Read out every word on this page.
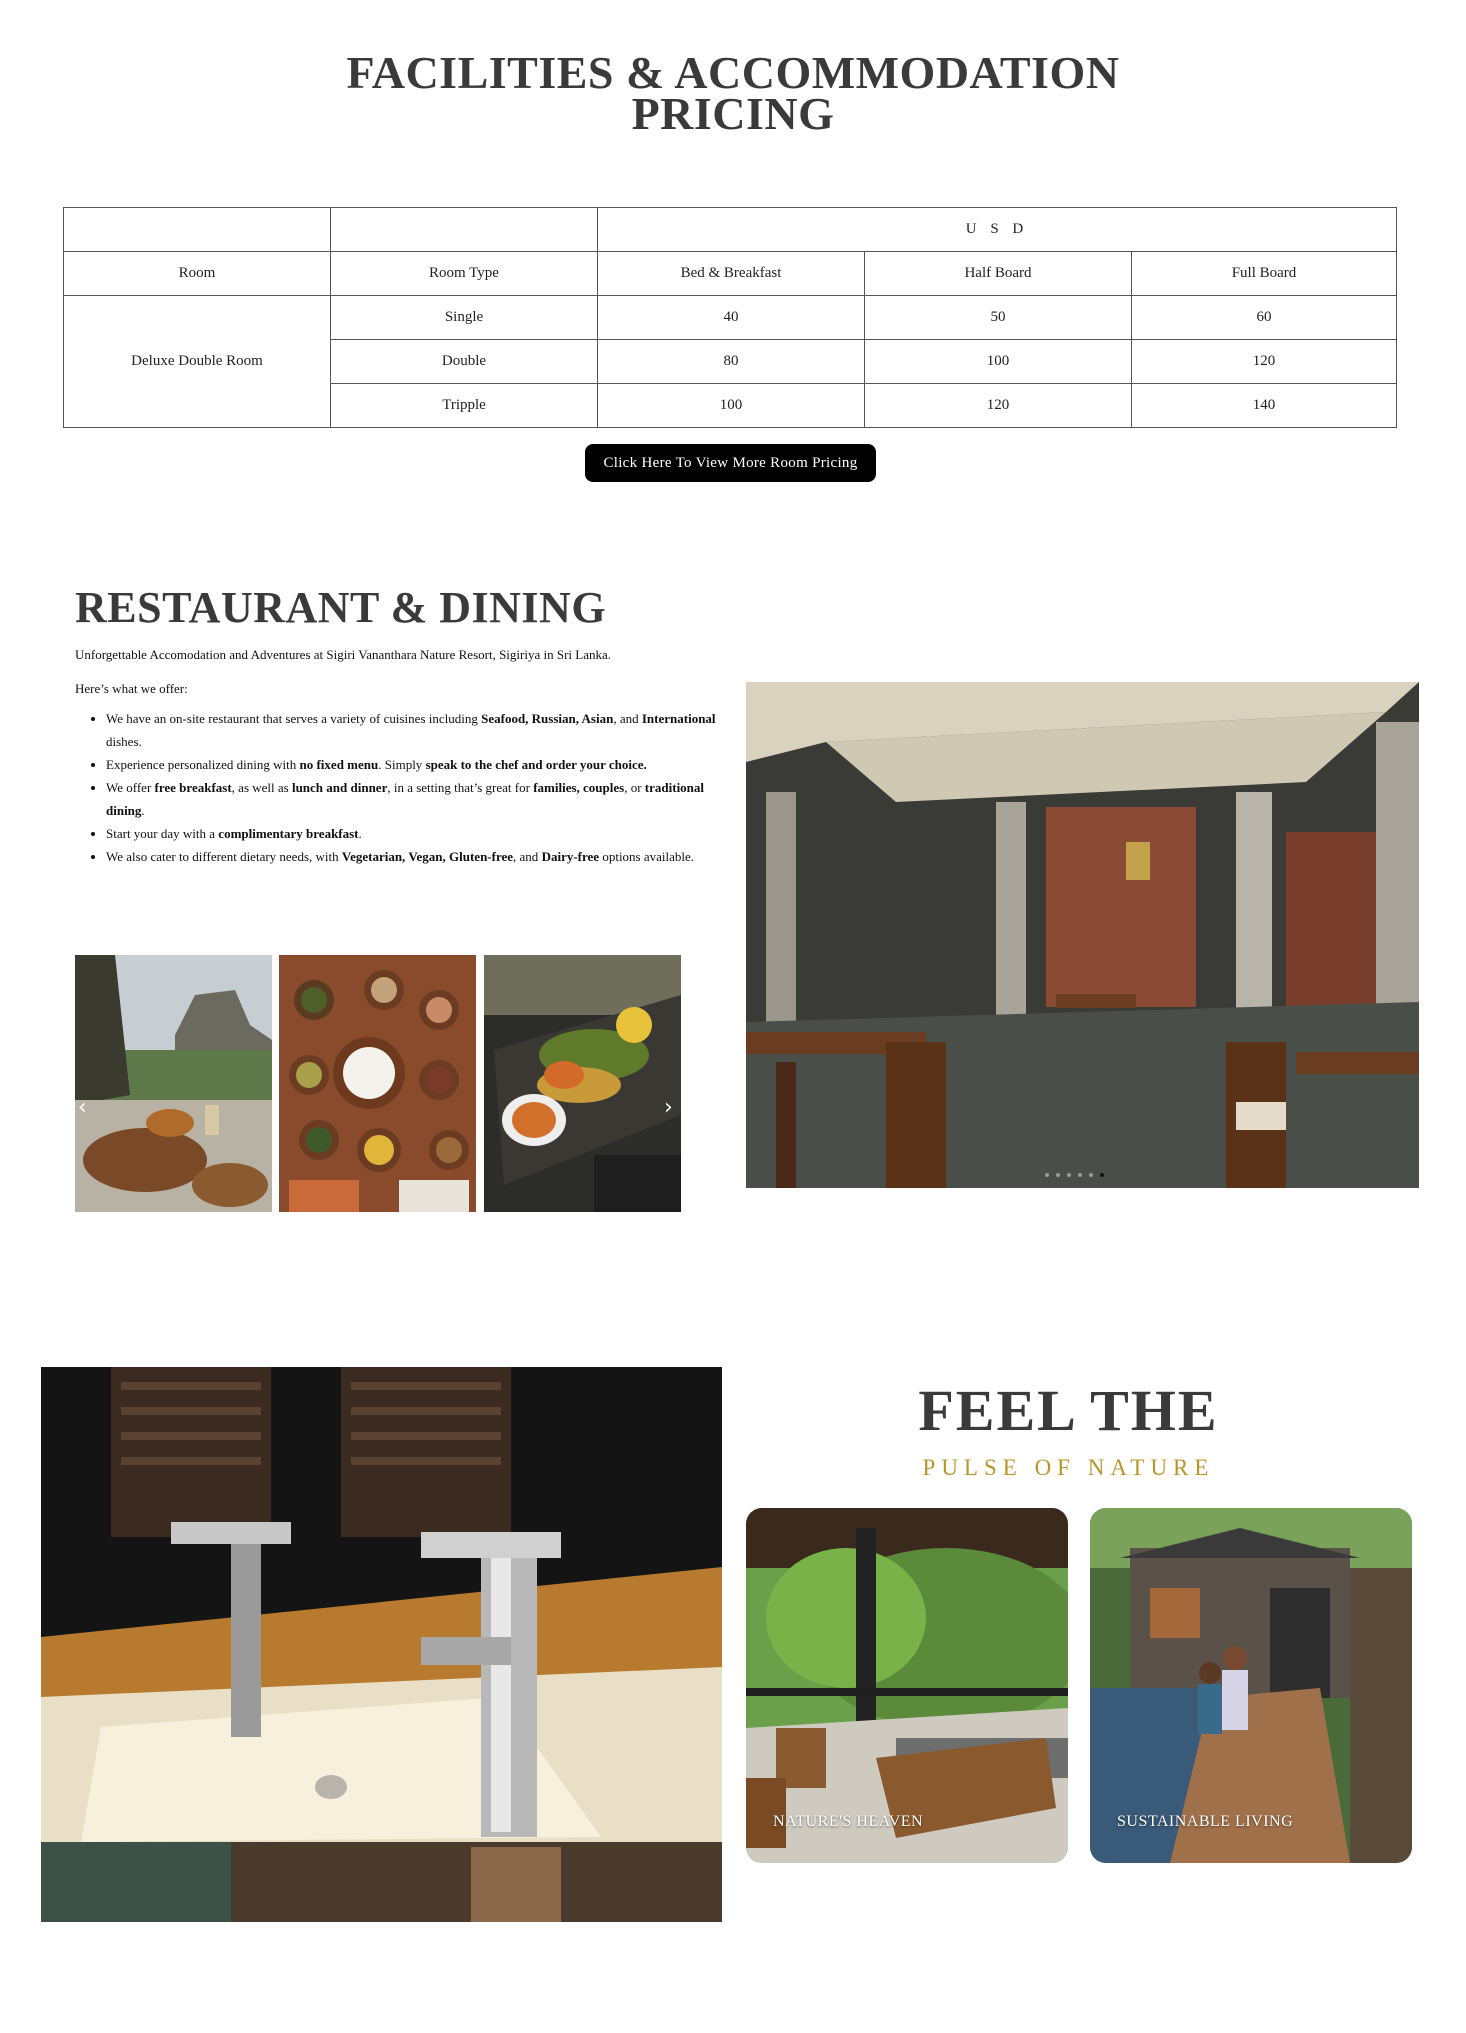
FACILITIES & ACCOMMODATION
PRICING
		U S D		
Room	Room Type	Bed & Breakfast	Half Board	Full Board
Deluxe Double Room	Single	40	50	60
	Double	80	100	120
	Tripple	100	120	140
Click Here To View More Room Pricing
RESTAURANT & DINING

Unforgettable Accomodation and Adventures at Sigiri Vananthara Nature Resort, Sigiriya in Sri Lanka.

Here’s what we offer:

• We have an on-site restaurant that serves a variety of cuisines including Seafood, Russian, Asian, and International dishes.
• Experience personalized dining with no fixed menu. Simply speak to the chef and order your choice.
• We offer free breakfast, as well as lunch and dinner, in a setting that’s great for families, couples, or traditional dining.
• Start your day with a complimentary breakfast.
• We also cater to different dietary needs, with Vegetarian, Vegan, Gluten-free, and Dairy-free options available.
‹	›
FEEL THE

PULSE OF NATURE

NATURE'S HEAVEN	SUSTAINABLE LIVING
